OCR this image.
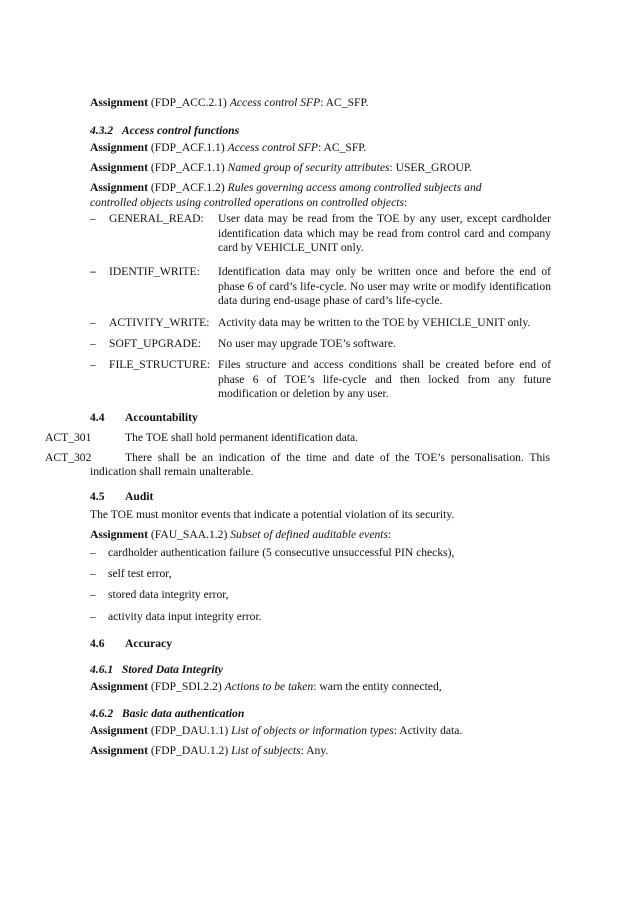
Assignment (FDP_ACC.2.1) Access control SFP: AC_SFP.
4.3.2 Access control functions
Assignment (FDP_ACF.1.1) Access control SFP: AC_SFP.
Assignment (FDP_ACF.1.1) Named group of security attributes: USER_GROUP.
Assignment (FDP_ACF.1.2) Rules governing access among controlled subjects and
controlled objects using controlled operations on controlled objects:
– GENERAL_READ: User data may be read from the TOE by any user, except cardholder identification data which may be read from control card and company card by VEHICLE_UNIT only.
– IDENTIF_WRITE: Identification data may only be written once and before the end of phase 6 of card’s life-cycle. No user may write or modify identification data during end-usage phase of card’s life-cycle.
– ACTIVITY_WRITE: Activity data may be written to the TOE by VEHICLE_UNIT only.
– SOFT_UPGRADE: No user may upgrade TOE’s software.
– FILE_STRUCTURE: Files structure and access conditions shall be created before end of phase 6 of TOE’s life-cycle and then locked from any future modification or deletion by any user.
4.4 Accountability
ACT_301	The TOE shall hold permanent identification data.
ACT_302	There shall be an indication of the time and date of the TOE’s personalisation. This
indication shall remain unalterable.
4.5 Audit
The TOE must monitor events that indicate a potential violation of its security.
Assignment (FAU_SAA.1.2) Subset of defined auditable events:
– cardholder authentication failure (5 consecutive unsuccessful PIN checks),
– self test error,
– stored data integrity error,
– activity data input integrity error.
4.6 Accuracy
4.6.1 Stored Data Integrity
Assignment (FDP_SDI.2.2) Actions to be taken: warn the entity connected,
4.6.2 Basic data authentication
Assignment (FDP_DAU.1.1) List of objects or information types: Activity data.
Assignment (FDP_DAU.1.2) List of subjects: Any.
